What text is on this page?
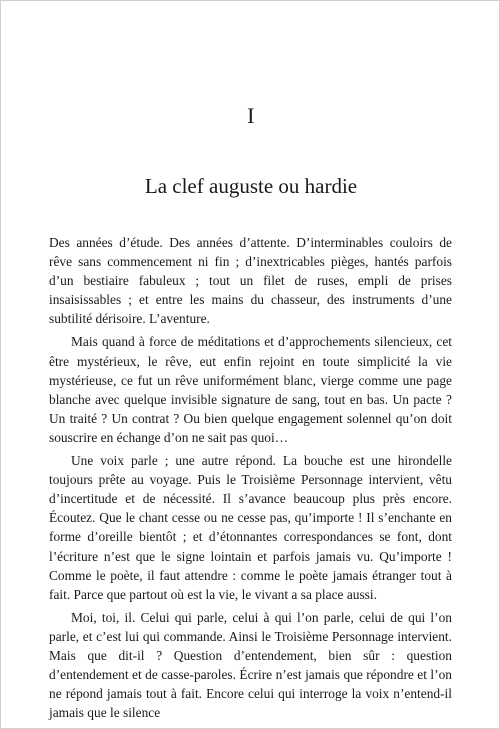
I
La clef auguste ou hardie

Des années d’étude. Des années d’attente. D’interminables couloirs de rêve sans commencement ni fin ; d’inextricables pièges, hantés parfois d’un bestiaire fabuleux ; tout un filet de ruses, empli de prises insaisissables ; et entre les mains du chasseur, des instruments d’une subtilité dérisoire. L’aventure.

Mais quand à force de méditations et d’approchements silencieux, cet être mystérieux, le rêve, eut enfin rejoint en toute simplicité la vie mystérieuse, ce fut un rêve uniformément blanc, vierge comme une page blanche avec quelque invisible signature de sang, tout en bas. Un pacte ? Un traité ? Un contrat ? Ou bien quelque engagement solennel qu’on doit souscrire en échange d’on ne sait pas quoi…

Une voix parle ; une autre répond. La bouche est une hirondelle toujours prête au voyage. Puis le Troisième Personnage intervient, vêtu d’incertitude et de nécessité. Il s’avance beaucoup plus près encore. Écoutez. Que le chant cesse ou ne cesse pas, qu’importe ! Il s’enchante en forme d’oreille bientôt ; et d’étonnantes correspondances se font, dont l’écriture n’est que le signe lointain et parfois jamais vu. Qu’importe ! Comme le poète, il faut attendre : comme le poète jamais étranger tout à fait. Parce que partout où est la vie, le vivant a sa place aussi.

Moi, toi, il. Celui qui parle, celui à qui l’on parle, celui de qui l’on parle, et c’est lui qui commande. Ainsi le Troisième Personnage intervient. Mais que dit-il ? Question d’entendement, bien sûr : question d’entendement et de casse-paroles. Écrire n’est jamais que répondre et l’on ne répond jamais tout à fait. Encore celui qui interroge la voix n’entend-il jamais que le silence
